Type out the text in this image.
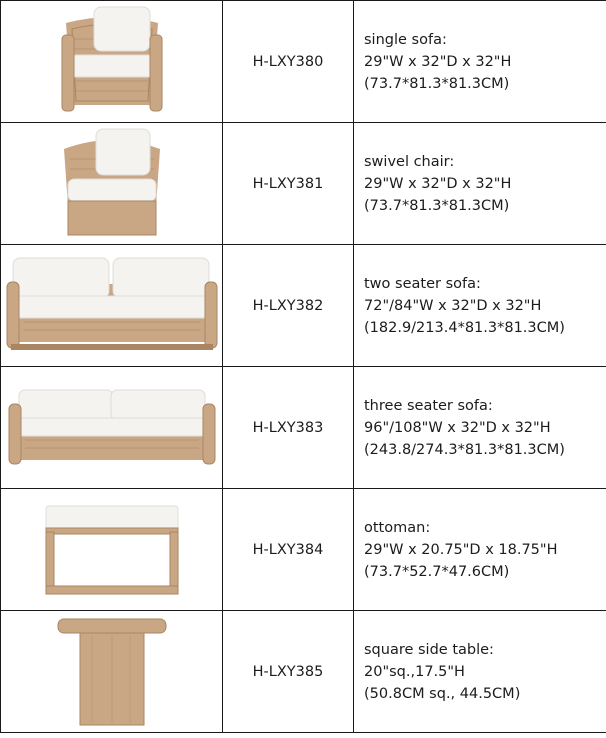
	H-LXY380	single sofa:
29"W x 32"D x 32"H
(73.7*81.3*81.3CM)

	H-LXY381	swivel chair:
29"W x 32"D x 32"H
(73.7*81.3*81.3CM)

	H-LXY382	two seater sofa:
72"/84"W x 32"D x 32"H
(182.9/213.4*81.3*81.3CM)

	H-LXY383	three seater sofa:
96"/108"W x 32"D x 32"H
(243.8/274.3*81.3*81.3CM)

	H-LXY384	ottoman:
29"W x 20.75"D x 18.75"H
(73.7*52.7*47.6CM)

	H-LXY385	square side table:
20"sq.,17.5"H
(50.8CM sq., 44.5CM)
